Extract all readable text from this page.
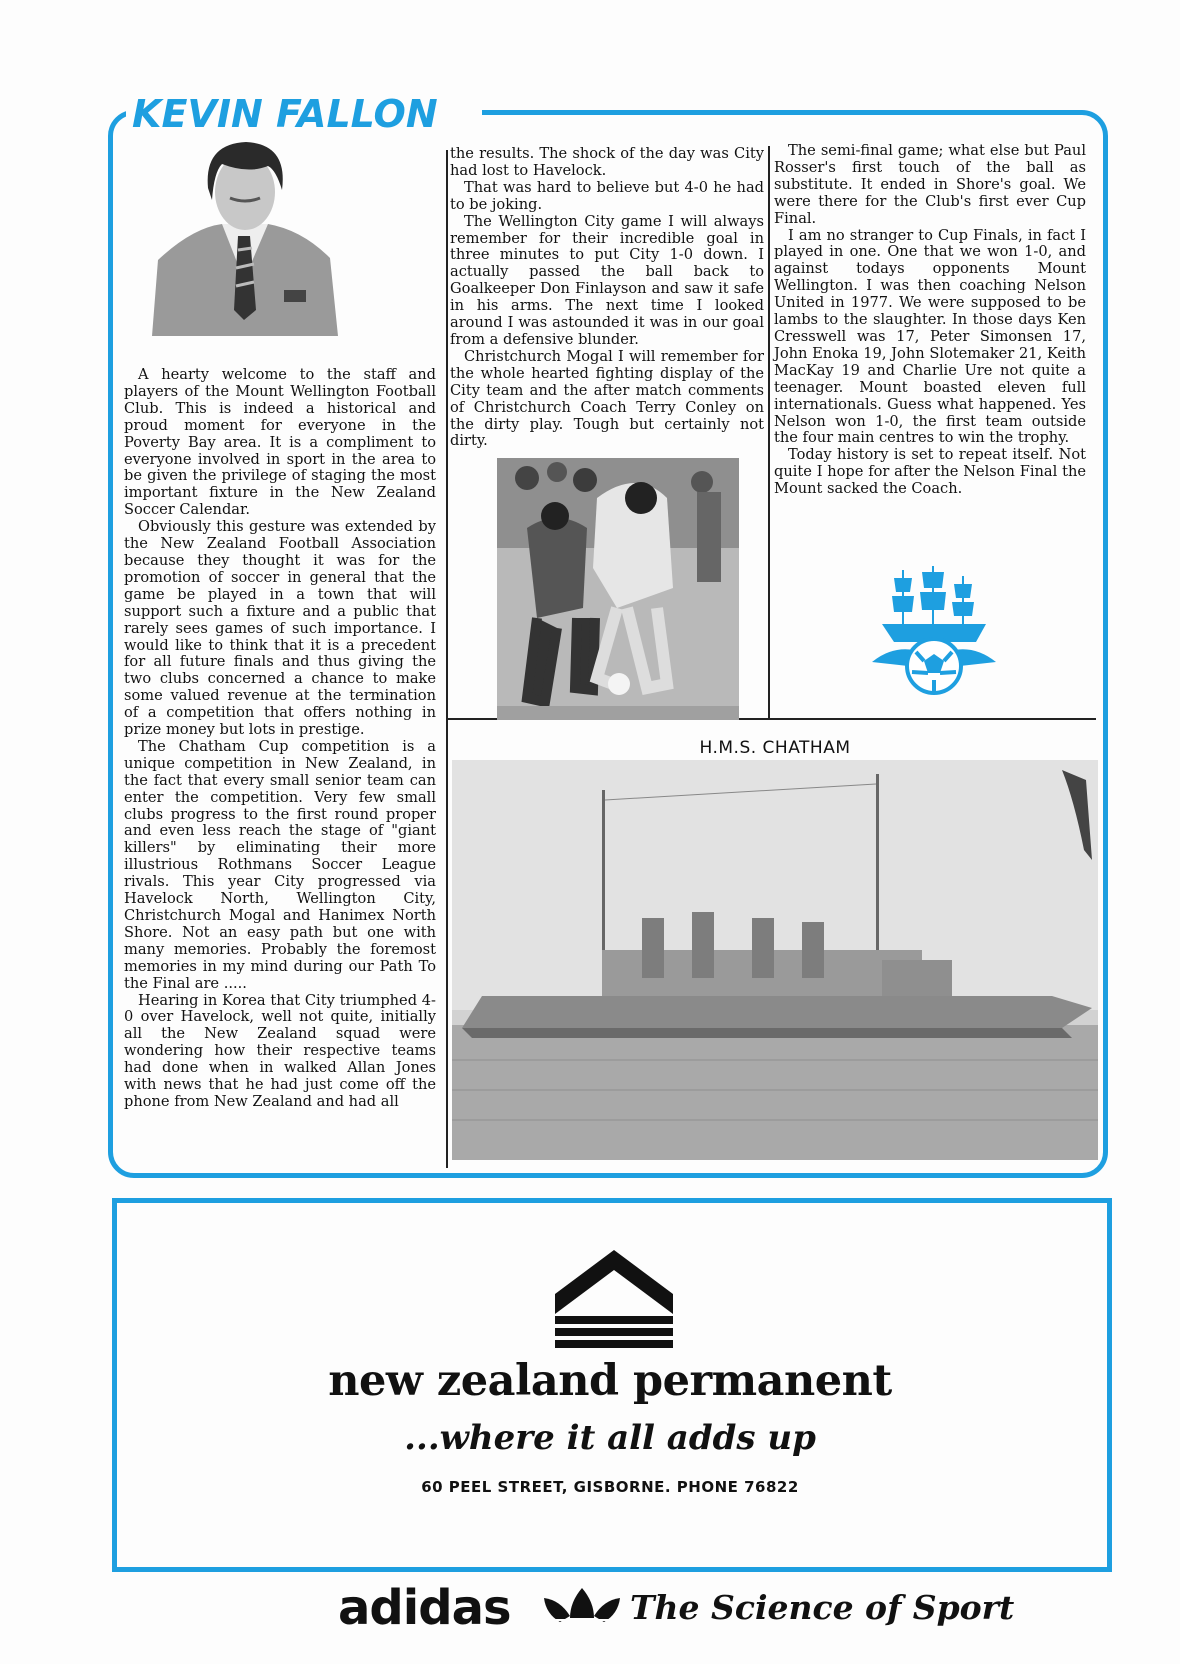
KEVIN FALLON

A hearty welcome to the staff and players of the Mount Wellington Football Club. This is indeed a historical and proud moment for everyone in the Poverty Bay area. It is a compliment to everyone involved in sport in the area to be given the privilege of staging the most important fixture in the New Zealand Soccer Calendar.

Obviously this gesture was extended by the New Zealand Football Association because they thought it was for the promotion of soccer in general that the game be played in a town that will support such a fixture and a public that rarely sees games of such importance. I would like to think that it is a precedent for all future finals and thus giving the two clubs concerned a chance to make some valued revenue at the termination of a competition that offers nothing in prize money but lots in prestige.

The Chatham Cup competition is a unique competition in New Zealand, in the fact that every small senior team can enter the competition. Very few small clubs progress to the first round proper and even less reach the stage of "giant killers" by eliminating their more illustrious Rothmans Soccer League rivals. This year City progressed via Havelock North, Wellington City, Christchurch Mogal and Hanimex North Shore. Not an easy path but one with many memories. Probably the foremost memories in my mind during our Path To the Final are .....

Hearing in Korea that City triumphed 4-0 over Havelock, well not quite, initially all the New Zealand squad were wondering how their respective teams had done when in walked Allan Jones with news that he had just come off the phone from New Zealand and had all

the results. The shock of the day was City had lost to Havelock.

That was hard to believe but 4-0 he had to be joking.

The Wellington City game I will always remember for their incredible goal in three minutes to put City 1-0 down. I actually passed the ball back to Goalkeeper Don Finlayson and saw it safe in his arms. The next time I looked around I was astounded it was in our goal from a defensive blunder.

Christchurch Mogal I will remember for the whole hearted fighting display of the City team and the after match comments of Christchurch Coach Terry Conley on the dirty play. Tough but certainly not dirty.

The semi-final game; what else but Paul Rosser's first touch of the ball as substitute. It ended in Shore's goal. We were there for the Club's first ever Cup Final.

I am no stranger to Cup Finals, in fact I played in one. One that we won 1-0, and against todays opponents Mount Wellington. I was then coaching Nelson United in 1977. We were supposed to be lambs to the slaughter. In those days Ken Cresswell was 17, Peter Simonsen 17, John Enoka 19, John Slotemaker 21, Keith MacKay 19 and Charlie Ure not quite a teenager. Mount boasted eleven full internationals. Guess what happened. Yes Nelson won 1-0, the first team outside the four main centres to win the trophy.

Today history is set to repeat itself. Not quite I hope for after the Nelson Final the Mount sacked the Coach.

H.M.S. CHATHAM
new zealand permanent
...where it all adds up
60 PEEL STREET, GISBORNE. PHONE 76822
adidas	The Science of Sport
